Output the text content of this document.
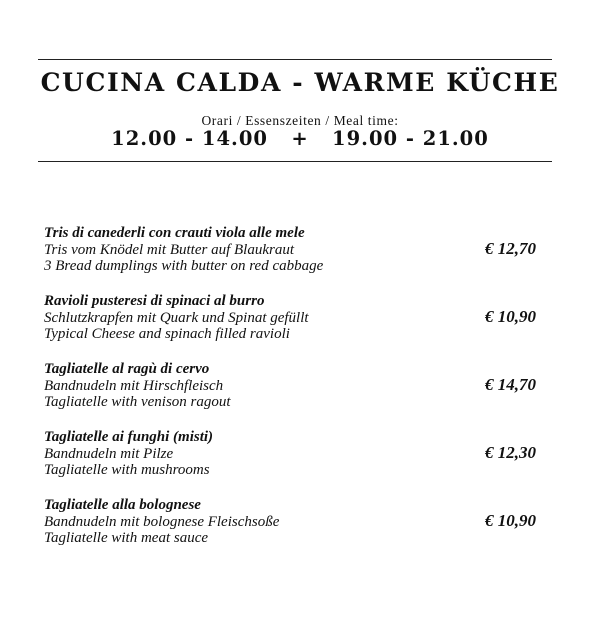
CUCINA CALDA - WARME KÜCHE
Orari / Essenszeiten / Meal time:
12.00 - 14.00   +   19.00 - 21.00
Tris di canederli con crauti viola alle mele
Tris vom Knödel mit Butter auf Blaukraut
3 Bread dumplings with butter on red cabbage
€ 12,70
Ravioli pusteresi di spinaci al burro
Schlutzkrapfen mit Quark und Spinat gefüllt
Typical Cheese and spinach filled ravioli
€ 10,90
Tagliatelle al ragù di cervo
Bandnudeln mit Hirschfleisch
Tagliatelle with venison ragout
€ 14,70
Tagliatelle ai funghi (misti)
Bandnudeln mit Pilze
Tagliatelle with mushrooms
€ 12,30
Tagliatelle alla bolognese
Bandnudeln mit bolognese Fleischsoße
Tagliatelle with meat sauce
€ 10,90
